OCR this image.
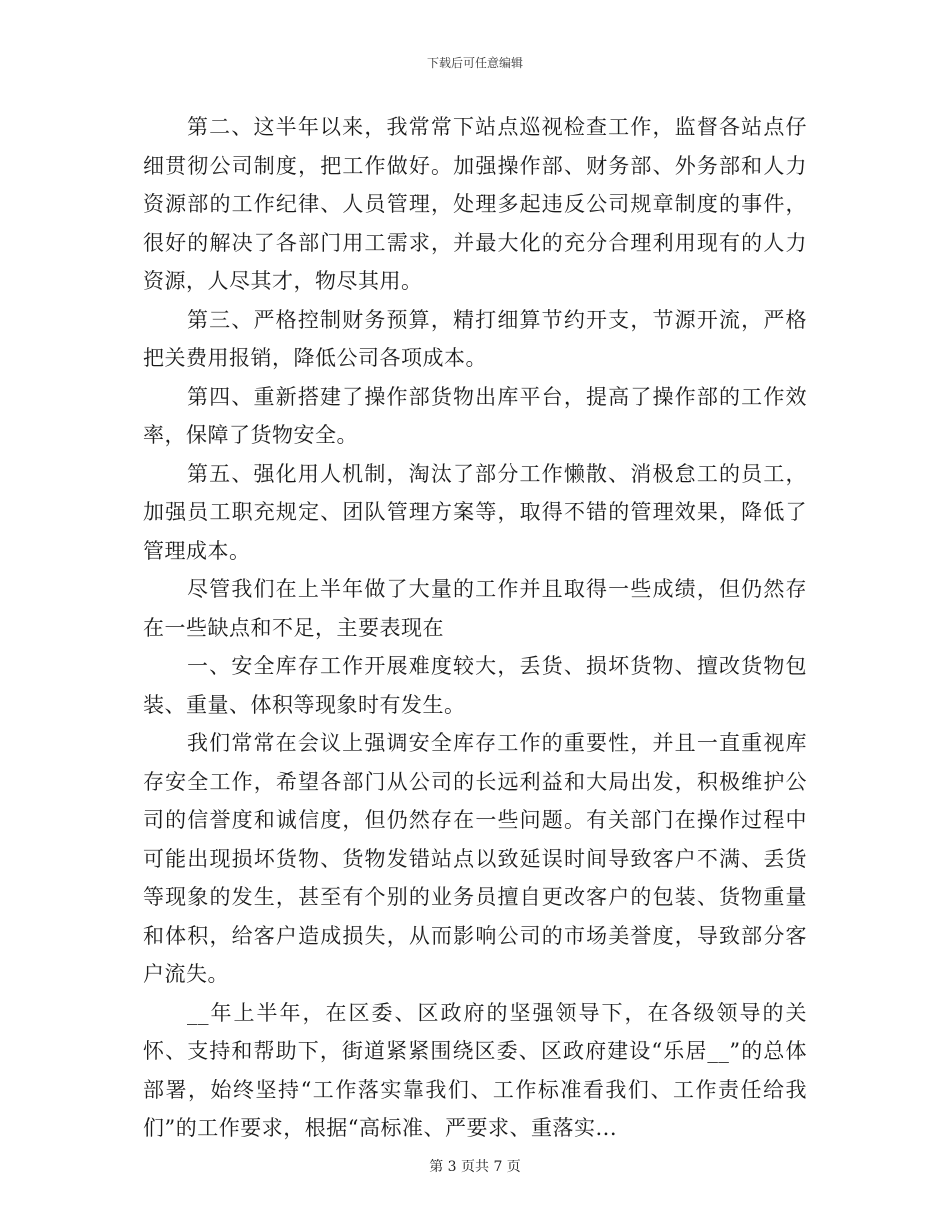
下载后可任意编辑

第二、这半年以来，我常常下站点巡视检查工作，监督各站点仔细贯彻公司制度，把工作做好。加强操作部、财务部、外务部和人力资源部的工作纪律、人员管理，处理多起违反公司规章制度的事件，很好的解决了各部门用工需求，并最大化的充分合理利用现有的人力资源，人尽其才，物尽其用。

第三、严格控制财务预算，精打细算节约开支，节源开流，严格把关费用报销，降低公司各项成本。

第四、重新搭建了操作部货物出库平台，提高了操作部的工作效率，保障了货物安全。

第五、强化用人机制，淘汰了部分工作懒散、消极怠工的员工，加强员工职充规定、团队管理方案等，取得不错的管理效果，降低了管理成本。

尽管我们在上半年做了大量的工作并且取得一些成绩，但仍然存在一些缺点和不足，主要表现在

一、安全库存工作开展难度较大，丢货、损坏货物、擅改货物包装、重量、体积等现象时有发生。

我们常常在会议上强调安全库存工作的重要性，并且一直重视库存安全工作，希望各部门从公司的长远利益和大局出发，积极维护公司的信誉度和诚信度，但仍然存在一些问题。有关部门在操作过程中可能出现损坏货物、货物发错站点以致延误时间导致客户不满、丢货等现象的发生，甚至有个别的业务员擅自更改客户的包装、货物重量和体积，给客户造成损失，从而影响公司的市场美誉度，导致部分客户流失。

__年上半年，在区委、区政府的坚强领导下，在各级领导的关怀、支持和帮助下，街道紧紧围绕区委、区政府建设“乐居__”的总体部署，始终坚持“工作落实靠我们、工作标准看我们、工作责任给我们”的工作要求，根据“高标准、严要求、重落实...

第 3 页共 7 页
